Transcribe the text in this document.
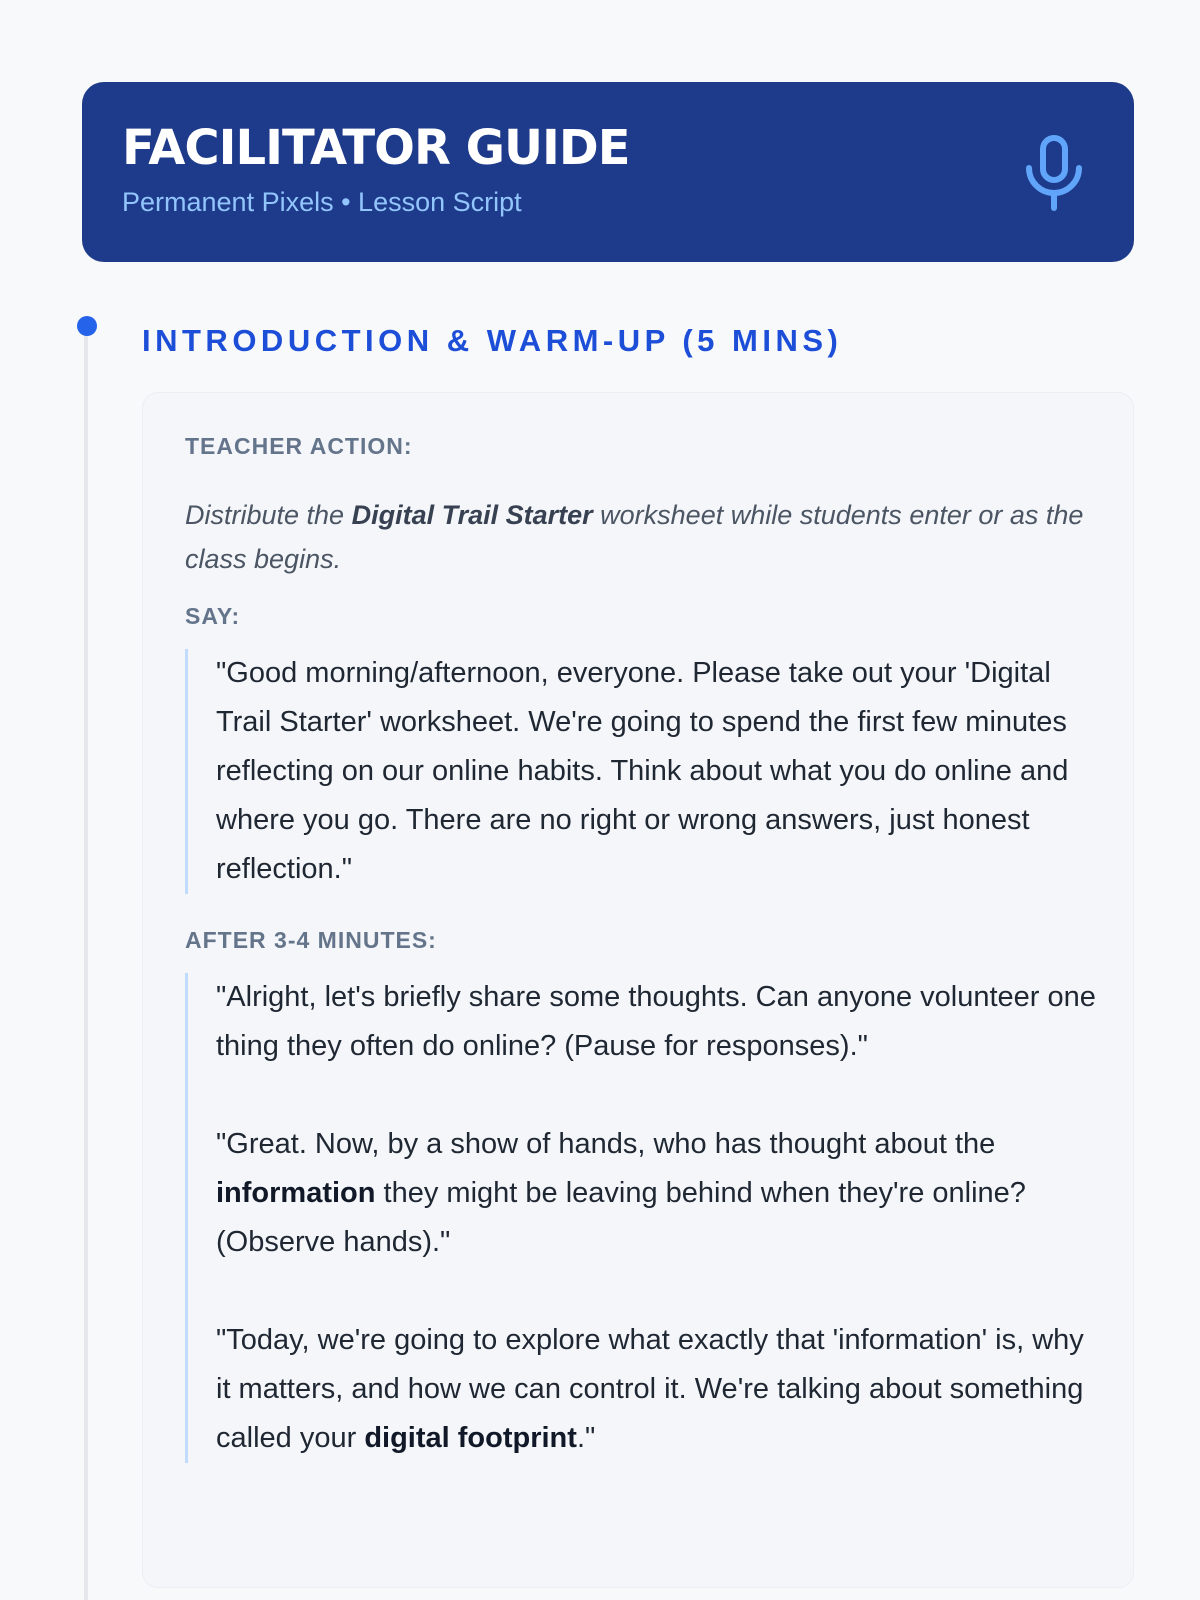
FACILITATOR GUIDE
Permanent Pixels • Lesson Script
INTRODUCTION & WARM-UP (5 MINS)
TEACHER ACTION:
Distribute the Digital Trail Starter worksheet while students enter or as the class begins.
SAY:

"Good morning/afternoon, everyone. Please take out your 'Digital Trail Starter' worksheet. We're going to spend the first few minutes reflecting on our online habits. Think about what you do online and where you go. There are no right or wrong answers, just honest reflection."

AFTER 3-4 MINUTES:

"Alright, let's briefly share some thoughts. Can anyone volunteer one thing they often do online? (Pause for responses)."

"Great. Now, by a show of hands, who has thought about the information they might be leaving behind when they're online? (Observe hands)."

"Today, we're going to explore what exactly that 'information' is, why it matters, and how we can control it. We're talking about something called your digital footprint."
